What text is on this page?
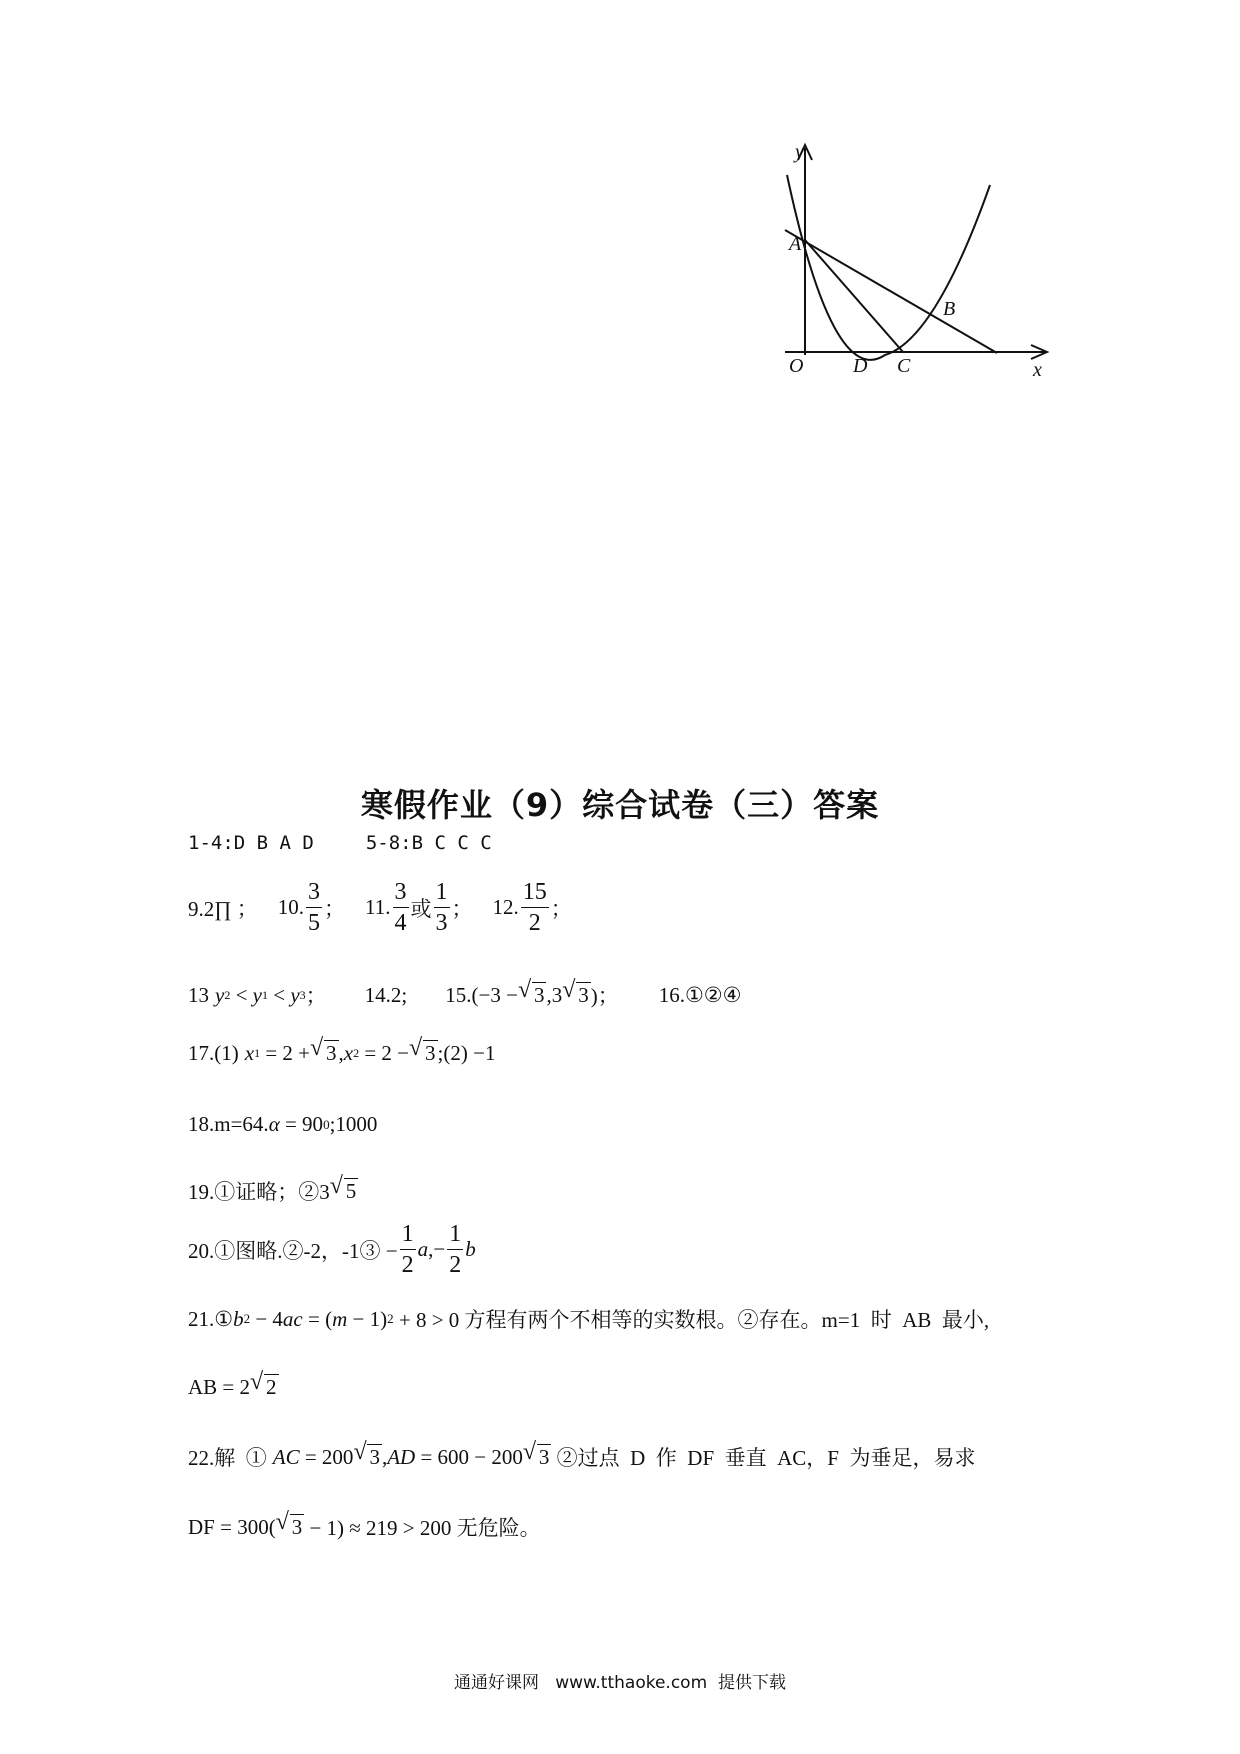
y
x
O
A
B
C
D
寒假作业（9）综合试卷（三）答案
1-4:D B A D	5-8:B C C C
9.2∏ ； 10. $\frac{3}{5}$ ； 11. $\frac{3}{4}$ 或 $\frac{1}{3}$ ； 12. $\frac{15}{2}$ ；
13 y 2 < y 1 < y 3 ； 14.2; 15.(−3 − √ 3 ,3 √ 3 )； 16.①②④
17.(1) x 1 = 2 + √ 3 , x 2 = 2 − √ 3 ;(2) −1
18.m=64. α = 90 0 ;1000
19.①证略；②3 √ 5
20.①图略.②-2，-1③ − $\frac{1}{2}$ a ,− $\frac{1}{2}$ b
21.① b 2 − 4 ac = ( m − 1) 2 + 8 > 0 方程有两个不相等的实数根。②存在。m=1  时  AB  最小,
AB = 2 √ 2
22.解  ① AC = 200 √ 3 , AD = 600 − 200 √ 3 ②过点  D  作  DF  垂直  AC，F  为垂足，易求
DF = 300( √ 3 − 1) ≈ 219 > 200 无危险。
通通好课网   www.tthaoke.com  提供下载
